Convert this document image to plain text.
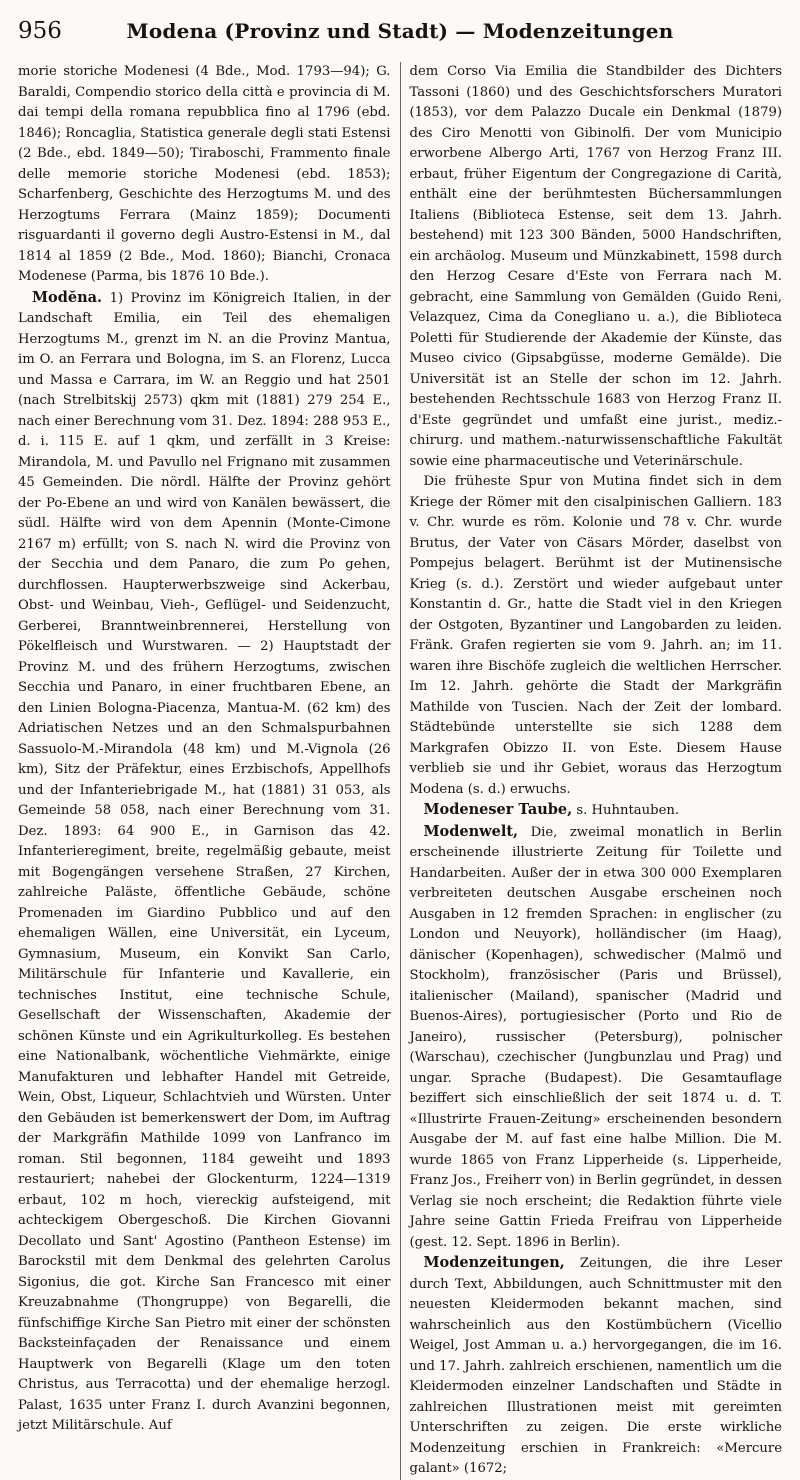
956	Modena (Provinz und Stadt) — Modenzeitungen

morie storiche Modenesi (4 Bde., Mod. 1793—94); G. Baraldi, Compendio storico della città e provincia di M. dai tempi della romana repubblica fino al 1796 (ebd. 1846); Roncaglia, Statistica generale degli stati Estensi (2 Bde., ebd. 1849—50); Tiraboschi, Frammento finale delle memorie storiche Modenesi (ebd. 1853); Scharfenberg, Geschichte des Herzogtums M. und des Herzogtums Ferrara (Mainz 1859); Documenti risguardanti il governo degli Austro-Estensi in M., dal 1814 al 1859 (2 Bde., Mod. 1860); Bianchi, Cronaca Modenese (Parma, bis 1876 10 Bde.).

Modĕna. 1) Provinz im Königreich Italien, in der Landschaft Emilia, ein Teil des ehemaligen Herzogtums M., grenzt im N. an die Provinz Mantua, im O. an Ferrara und Bologna, im S. an Florenz, Lucca und Massa e Carrara, im W. an Reggio und hat 2501 (nach Strelbitskij 2573) qkm mit (1881) 279 254 E., nach einer Berechnung vom 31. Dez. 1894: 288 953 E., d. i. 115 E. auf 1 qkm, und zerfällt in 3 Kreise: Mirandola, M. und Pavullo nel Frignano mit zusammen 45 Gemeinden. Die nördl. Hälfte der Provinz gehört der Po-Ebene an und wird von Kanälen bewässert, die südl. Hälfte wird von dem Apennin (Monte-Cimone 2167 m) erfüllt; von S. nach N. wird die Provinz von der Secchia und dem Panaro, die zum Po gehen, durchflossen. Haupterwerbszweige sind Ackerbau, Obst- und Weinbau, Vieh-, Geflügel- und Seidenzucht, Gerberei, Branntweinbrennerei, Herstellung von Pökelfleisch und Wurstwaren. — 2) Hauptstadt der Provinz M. und des frühern Herzogtums, zwischen Secchia und Panaro, in einer fruchtbaren Ebene, an den Linien Bologna-Piacenza, Mantua-M. (62 km) des Adriatischen Netzes und an den Schmalspurbahnen Sassuolo-M.-Mirandola (48 km) und M.-Vignola (26 km), Sitz der Präfektur, eines Erzbischofs, Appellhofs und der Infanteriebrigade M., hat (1881) 31 053, als Gemeinde 58 058, nach einer Berechnung vom 31. Dez. 1893: 64 900 E., in Garnison das 42. Infanterieregiment, breite, regelmäßig gebaute, meist mit Bogengängen versehene Straßen, 27 Kirchen, zahlreiche Paläste, öffentliche Gebäude, schöne Promenaden im Giardino Pubblico und auf den ehemaligen Wällen, eine Universität, ein Lyceum, Gymnasium, Museum, ein Konvikt San Carlo, Militärschule für Infanterie und Kavallerie, ein technisches Institut, eine technische Schule, Gesellschaft der Wissenschaften, Akademie der schönen Künste und ein Agrikulturkolleg. Es bestehen eine Nationalbank, wöchentliche Viehmärkte, einige Manufakturen und lebhafter Handel mit Getreide, Wein, Obst, Liqueur, Schlachtvieh und Würsten. Unter den Gebäuden ist bemerkenswert der Dom, im Auftrag der Markgräfin Mathilde 1099 von Lanfranco im roman. Stil begonnen, 1184 geweiht und 1893 restauriert; nahebei der Glockenturm, 1224—1319 erbaut, 102 m hoch, viereckig aufsteigend, mit achteckigem Obergeschoß. Die Kirchen Giovanni Decollato und Sant' Agostino (Pantheon Estense) im Barockstil mit dem Denkmal des gelehrten Carolus Sigonius, die got. Kirche San Francesco mit einer Kreuzabnahme (Thongruppe) von Begarelli, die fünfschiffige Kirche San Pietro mit einer der schönsten Backsteinfaçaden der Renaissance und einem Hauptwerk von Begarelli (Klage um den toten Christus, aus Terracotta) und der ehemalige herzogl. Palast, 1635 unter Franz I. durch Avanzini begonnen, jetzt Militärschule. Auf

dem Corso Via Emilia die Standbilder des Dichters Tassoni (1860) und des Geschichtsforschers Muratori (1853), vor dem Palazzo Ducale ein Denkmal (1879) des Ciro Menotti von Gibinolfi. Der vom Municipio erworbene Albergo Arti, 1767 von Herzog Franz III. erbaut, früher Eigentum der Congregazione di Carità, enthält eine der berühmtesten Büchersammlungen Italiens (Biblioteca Estense, seit dem 13. Jahrh. bestehend) mit 123 300 Bänden, 5000 Handschriften, ein archäolog. Museum und Münzkabinett, 1598 durch den Herzog Cesare d'Este von Ferrara nach M. gebracht, eine Sammlung von Gemälden (Guido Reni, Velazquez, Cima da Conegliano u. a.), die Biblioteca Poletti für Studierende der Akademie der Künste, das Museo civico (Gipsabgüsse, moderne Gemälde). Die Universität ist an Stelle der schon im 12. Jahrh. bestehenden Rechtsschule 1683 von Herzog Franz II. d'Este gegründet und umfaßt eine jurist., mediz.-chirurg. und mathem.-naturwissenschaftliche Fakultät sowie eine pharmaceutische und Veterinärschule.

Die früheste Spur von Mutina findet sich in dem Kriege der Römer mit den cisalpinischen Galliern. 183 v. Chr. wurde es röm. Kolonie und 78 v. Chr. wurde Brutus, der Vater von Cäsars Mörder, daselbst von Pompejus belagert. Berühmt ist der Mutinensische Krieg (s. d.). Zerstört und wieder aufgebaut unter Konstantin d. Gr., hatte die Stadt viel in den Kriegen der Ostgoten, Byzantiner und Langobarden zu leiden. Fränk. Grafen regierten sie vom 9. Jahrh. an; im 11. waren ihre Bischöfe zugleich die weltlichen Herrscher. Im 12. Jahrh. gehörte die Stadt der Markgräfin Mathilde von Tuscien. Nach der Zeit der lombard. Städtebünde unterstellte sie sich 1288 dem Markgrafen Obizzo II. von Este. Diesem Hause verblieb sie und ihr Gebiet, woraus das Herzogtum Modena (s. d.) erwuchs.

Modeneser Taube, s. Huhntauben.

Modenwelt, Die, zweimal monatlich in Berlin erscheinende illustrierte Zeitung für Toilette und Handarbeiten. Außer der in etwa 300 000 Exemplaren verbreiteten deutschen Ausgabe erscheinen noch Ausgaben in 12 fremden Sprachen: in englischer (zu London und Neuyork), holländischer (im Haag), dänischer (Kopenhagen), schwedischer (Malmö und Stockholm), französischer (Paris und Brüssel), italienischer (Mailand), spanischer (Madrid und Buenos-Aires), portugiesischer (Porto und Rio de Janeiro), russischer (Petersburg), polnischer (Warschau), czechischer (Jungbunzlau und Prag) und ungar. Sprache (Budapest). Die Gesamtauflage beziffert sich einschließlich der seit 1874 u. d. T. «Illustrirte Frauen-Zeitung» erscheinenden besondern Ausgabe der M. auf fast eine halbe Million. Die M. wurde 1865 von Franz Lipperheide (s. Lipperheide, Franz Jos., Freiherr von) in Berlin gegründet, in dessen Verlag sie noch erscheint; die Redaktion führte viele Jahre seine Gattin Frieda Freifrau von Lipperheide (gest. 12. Sept. 1896 in Berlin).

Modenzeitungen, Zeitungen, die ihre Leser durch Text, Abbildungen, auch Schnittmuster mit den neuesten Kleidermoden bekannt machen, sind wahrscheinlich aus den Kostümbüchern (Vicellio Weigel, Jost Amman u. a.) hervorgegangen, die im 16. und 17. Jahrh. zahlreich erschienen, namentlich um die Kleidermoden einzelner Landschaften und Städte in zahlreichen Illustrationen meist mit gereimten Unterschriften zu zeigen. Die erste wirkliche Modenzeitung erschien in Frankreich: «Mercure galant» (1672;
